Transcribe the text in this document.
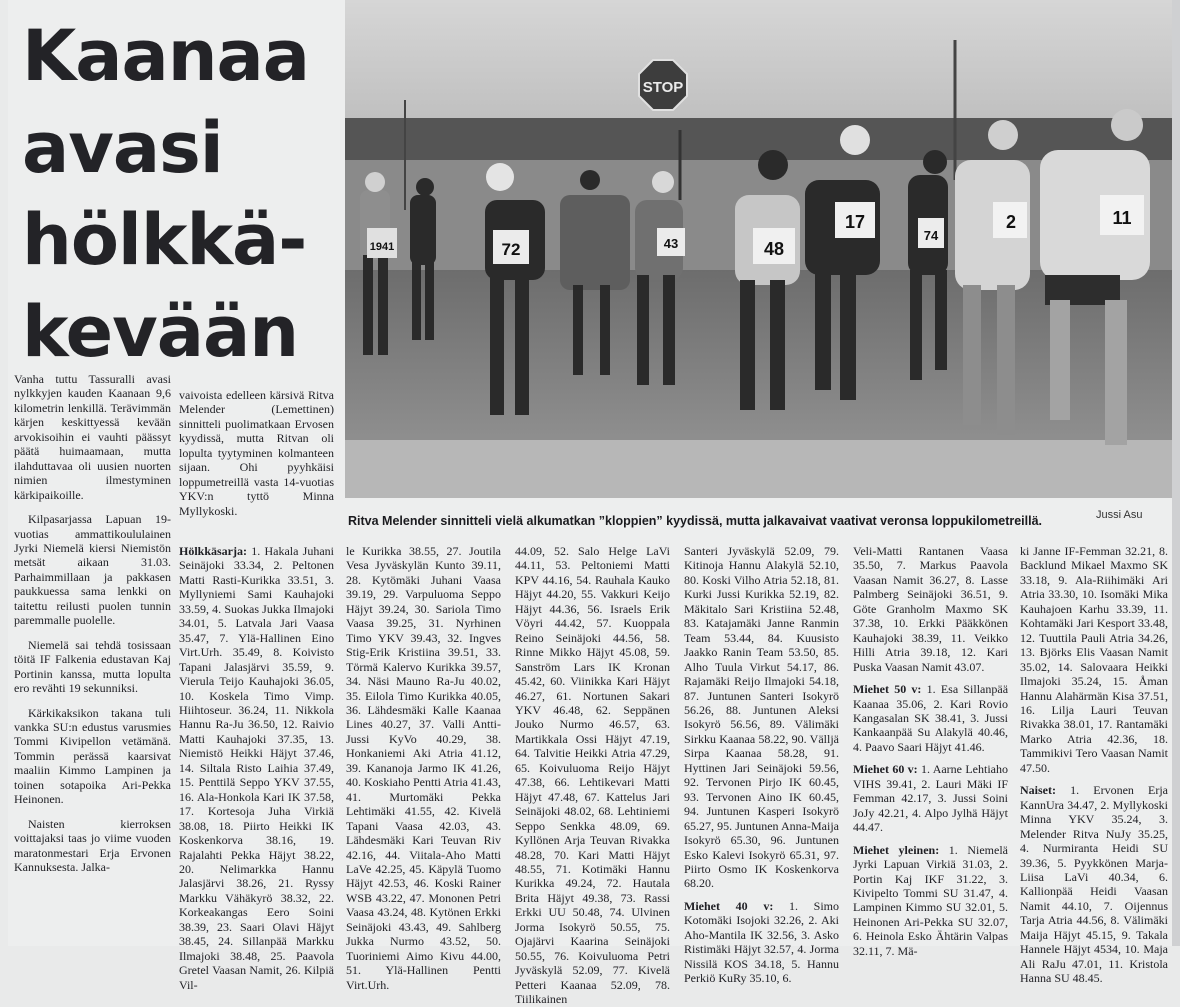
Kaanaa
avasi
hölkkä-
kevään
STOP
72	43	48
17
1941
74
2	11
Jussi Asu
Ritva Melender sinnitteli vielä alkumatkan ”kloppien” kyydissä, mutta jalkavaivat vaativat veronsa loppukilometreillä.

Vanha tuttu Tassuralli avasi nylkkyjen kauden Kaanaan 9,6 kilometrin lenkillä. Terävimmän kärjen keskittyessä kevään arvokisoihin ei vauhti päässyt päätä huimaamaan, mutta ilahduttavaa oli uusien nuorten nimien ilmestyminen kärkipaikoille.

Kilpasarjassa Lapuan 19-vuotias ammattikoululainen Jyrki Niemelä kiersi Niemistön metsät aikaan 31.03. Parhaimmillaan ja pakkasen paukkuessa sama lenkki on taitettu reilusti puolen tunnin paremmalle puolelle.

Niemelä sai tehdä tosissaan töitä IF Falkenia edustavan Kaj Portinin kanssa, mutta lopulta ero revähti 19 sekunniksi.

Kärkikaksikon takana tuli vankka SU:n edustus varusmies Tommi Kivipellon vetämänä. Tommin perässä kaarsivat maaliin Kimmo Lampinen ja toinen sotapoika Ari-Pekka Heinonen.

Naisten kierroksen voittajaksi taas jo viime vuoden maratonmestari Erja Ervonen Kannuksesta. Jalka-

vaivoista edelleen kärsivä Ritva Melender (Lemettinen) sinnitteli puolimatkaan Ervosen kyydissä, mutta Ritvan oli lopulta tyytyminen kolmanteen sijaan. Ohi pyyhkäisi loppumetreillä vasta 14-vuotias YKV:n tyttö Minna Myllykoski.

Hölkkäsarja: 1. Hakala Juhani Seinäjoki 33.34, 2. Peltonen Matti Rasti-Kurikka 33.51, 3. Myllyniemi Sami Kauhajoki 33.59, 4. Suokas Jukka Ilmajoki 34.01, 5. Latvala Jari Vaasa 35.47, 7. Ylä-Hallinen Eino Virt.Urh. 35.49, 8. Koivisto Tapani Jalasjärvi 35.59, 9. Vierula Teijo Kauhajoki 36.05, 10. Koskela Timo Vimp. Hiihtoseur. 36.24, 11. Nikkola Hannu Ra-Ju 36.50, 12. Raivio Matti Kauhajoki 37.35, 13. Niemistö Heikki Häjyt 37.46, 14. Siltala Risto Laihia 37.49, 15. Penttilä Seppo YKV 37.55, 16. Ala-Honkola Kari IK 37.58, 17. Kortesoja Juha Virkiä 38.08, 18. Piirto Heikki IK Koskenkorva 38.16, 19. Rajalahti Pekka Häjyt 38.22, 20. Nelimarkka Hannu Jalasjärvi 38.26, 21. Ryssy Markku Vähäkyrö 38.32, 22. Korkeakangas Eero Soini 38.39, 23. Saari Olavi Häjyt 38.45, 24. Sillanpää Markku Ilmajoki 38.48, 25. Paavola Gretel Vaasan Namit, 26. Kilpiä Vil-

le Kurikka 38.55, 27. Joutila Vesa Jyväskylän Kunto 39.11, 28. Kytömäki Juhani Vaasa 39.19, 29. Varpuluoma Seppo Häjyt 39.24, 30. Sariola Timo Vaasa 39.25, 31. Nyrhinen Timo YKV 39.43, 32. Ingves Stig-Erik Kristiina 39.51, 33. Törmä Kalervo Kurikka 39.57, 34. Näsi Mauno Ra-Ju 40.02, 35. Eilola Timo Kurikka 40.05, 36. Lähdesmäki Kalle Kaanaa Lines 40.27, 37. Valli Antti-Jussi KyVo 40.29, 38. Honkaniemi Aki Atria 41.12, 39. Kananoja Jarmo IK 41.26, 40. Koskiaho Pentti Atria 41.43, 41. Murtomäki Pekka Lehtimäki 41.55, 42. Kivelä Tapani Vaasa 42.03, 43. Lähdesmäki Kari Teuvan Riv 42.16, 44. Viitala-Aho Matti LaVe 42.25, 45. Käpylä Tuomo Häjyt 42.53, 46. Koski Rainer WSB 43.22, 47. Mononen Petri Vaasa 43.24, 48. Kytönen Erkki Seinäjoki 43.43, 49. Sahlberg Jukka Nurmo 43.52, 50. Tuoriniemi Aimo Kivu 44.00, 51. Ylä-Hallinen Pentti Virt.Urh.

44.09, 52. Salo Helge LaVi 44.11, 53. Peltoniemi Matti KPV 44.16, 54. Rauhala Kauko Häjyt 44.20, 55. Vakkuri Keijo Häjyt 44.36, 56. Israels Erik Vöyri 44.42, 57. Kuoppala Reino Seinäjoki 44.56, 58. Rinne Mikko Häjyt 45.08, 59. Sanström Lars IK Kronan 45.42, 60. Viinikka Kari Häjyt 46.27, 61. Nortunen Sakari YKV 46.48, 62. Seppänen Jouko Nurmo 46.57, 63. Martikkala Ossi Häjyt 47.19, 64. Talvitie Heikki Atria 47.29, 65. Koivuluoma Reijo Häjyt 47.38, 66. Lehtikevari Matti Häjyt 47.48, 67. Kattelus Jari Seinäjoki 48.02, 68. Lehtiniemi Seppo Senkka 48.09, 69. Kyllönen Arja Teuvan Rivakka 48.28, 70. Kari Matti Häjyt 48.55, 71. Kotimäki Hannu Kurikka 49.24, 72. Hautala Brita Häjyt 49.38, 73. Rassi Erkki UU 50.48, 74. Ulvinen Jorma Isokyrö 50.55, 75. Ojajärvi Kaarina Seinäjoki 50.55, 76. Koivuluoma Petri Jyväskylä 52.09, 77. Kivelä Petteri Kaanaa 52.09, 78. Tiilikainen

Santeri Jyväskylä 52.09, 79. Kitinoja Hannu Alakylä 52.10, 80. Koski Vilho Atria 52.18, 81. Kurki Jussi Kurikka 52.19, 82. Mäkitalo Sari Kristiina 52.48, 83. Katajamäki Janne Ranmin Team 53.44, 84. Kuusisto Jaakko Ranin Team 53.50, 85. Alho Tuula Virkut 54.17, 86. Rajamäki Reijo Ilmajoki 54.18, 87. Juntunen Santeri Isokyrö 56.26, 88. Juntunen Aleksi Isokyrö 56.56, 89. Välimäki Sirkku Kaanaa 58.22, 90. Välljä Sirpa Kaanaa 58.28, 91. Hyttinen Jari Seinäjoki 59.56, 92. Tervonen Pirjo IK 60.45, 93. Tervonen Aino IK 60.45, 94. Juntunen Kasperi Isokyrö 65.27, 95. Juntunen Anna-Maija Isokyrö 65.30, 96. Juntunen Esko Kalevi Isokyrö 65.31, 97. Piirto Osmo IK Koskenkorva 68.20.

Miehet 40 v: 1. Simo Kotomäki Isojoki 32.26, 2. Aki Aho-Mantila IK 32.56, 3. Asko Ristimäki Häjyt 32.57, 4. Jorma Nissilä KOS 34.18, 5. Hannu Perkiö KuRy 35.10, 6.

Veli-Matti Rantanen Vaasa 35.50, 7. Markus Paavola Vaasan Namit 36.27, 8. Lasse Palmberg Seinäjoki 36.51, 9. Göte Granholm Maxmo SK 37.38, 10. Erkki Pääkkönen Kauhajoki 38.39, 11. Veikko Hilli Atria 39.18, 12. Kari Puska Vaasan Namit 43.07.

Miehet 50 v: 1. Esa Sillanpää Kaanaa 35.06, 2. Kari Rovio Kangasalan SK 38.41, 3. Jussi Kankaanpää Su Alakylä 40.46, 4. Paavo Saari Häjyt 41.46.

Miehet 60 v: 1. Aarne Lehtiaho VIHS 39.41, 2. Lauri Mäki IF Femman 42.17, 3. Jussi Soini JoJy 42.21, 4. Alpo Jylhä Häjyt 44.47.

Miehet yleinen: 1. Niemelä Jyrki Lapuan Virkiä 31.03, 2. Portin Kaj IKF 31.22, 3. Kivipelto Tommi SU 31.47, 4. Lampinen Kimmo SU 32.01, 5. Heinonen Ari-Pekka SU 32.07, 6. Heinola Esko Ähtärin Valpas 32.11, 7. Mä-

ki Janne IF-Femman 32.21, 8. Backlund Mikael Maxmo SK 33.18, 9. Ala-Riihimäki Ari Atria 33.30, 10. Isomäki Mika Kauhajoen Karhu 33.39, 11. Kohtamäki Jari Kesport 33.48, 12. Tuuttila Pauli Atria 34.26, 13. Björks Elis Vaasan Namit 35.02, 14. Salovaara Heikki Ilmajoki 35.24, 15. Åman Hannu Alahärmän Kisa 37.51, 16. Lilja Lauri Teuvan Rivakka 38.01, 17. Rantamäki Marko Atria 42.36, 18. Tammikivi Tero Vaasan Namit 47.50.

Naiset: 1. Ervonen Erja KannUra 34.47, 2. Myllykoski Minna YKV 35.24, 3. Melender Ritva NuJy 35.25, 4. Nurmiranta Heidi SU 39.36, 5. Pyykkönen Marja-Liisa LaVi 40.34, 6. Kallionpää Heidi Vaasan Namit 44.10, 7. Oijennus Tarja Atria 44.56, 8. Välimäki Maija Häjyt 45.15, 9. Takala Hannele Häjyt 4534, 10. Maja Ali RaJu 47.01, 11. Kristola Hanna SU 48.45.
